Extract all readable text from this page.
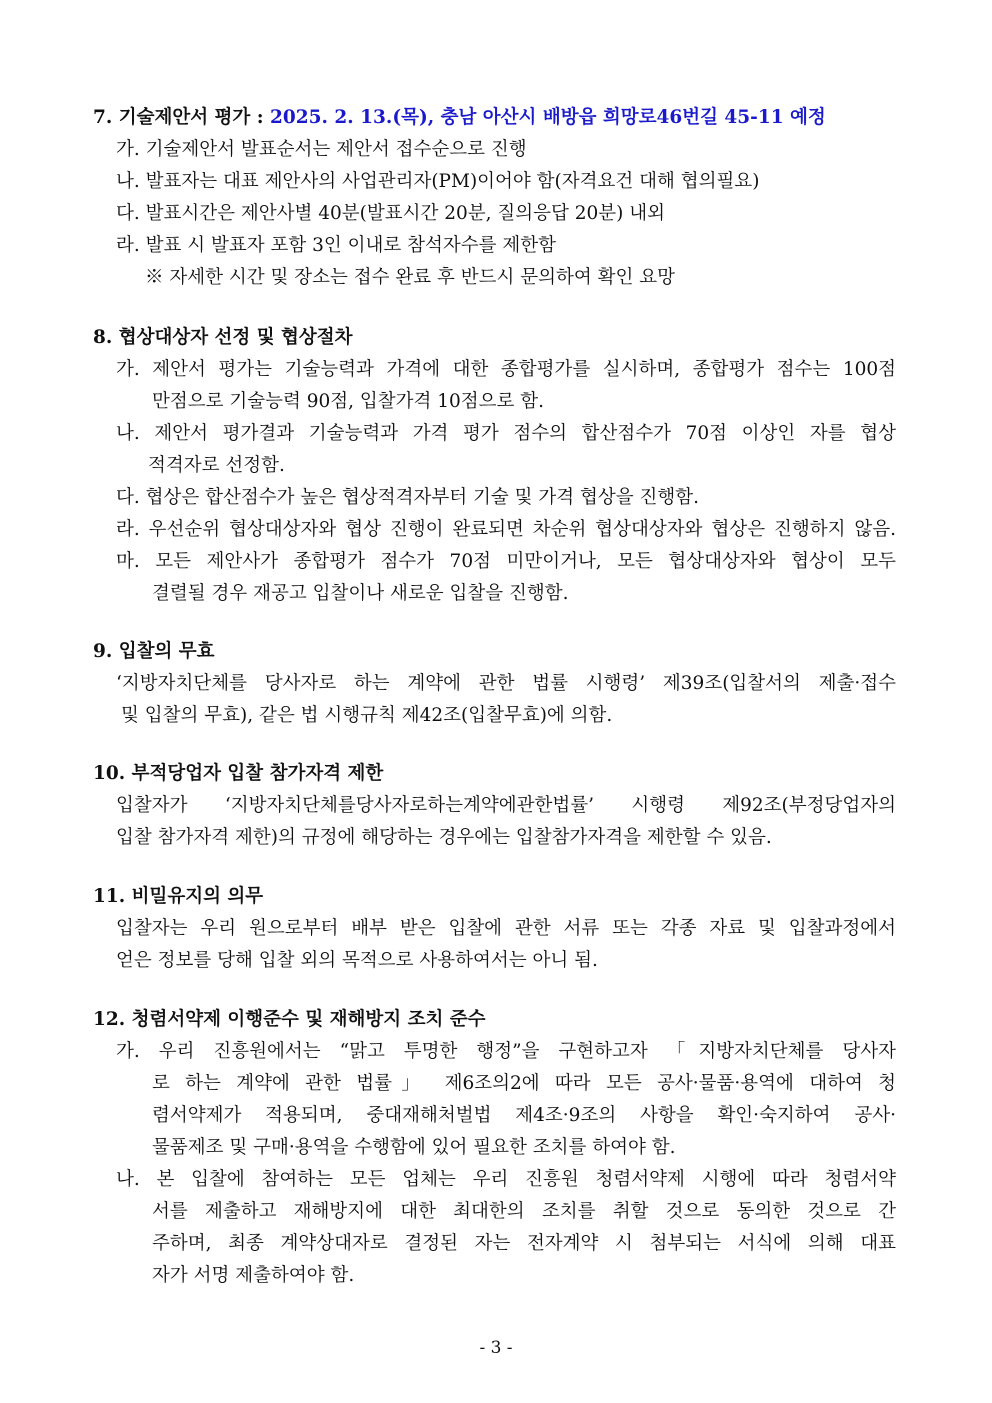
7. 기술제안서 평가 : 2025. 2. 13.(목), 충남 아산시 배방읍 희망로46번길 45-11 예정
가. 기술제안서 발표순서는 제안서 접수순으로 진행
나. 발표자는 대표 제안사의 사업관리자(PM)이어야 함(자격요건 대해 협의필요)
다. 발표시간은 제안사별 40분(발표시간 20분, 질의응답 20분) 내외
라. 발표 시 발표자 포함 3인 이내로 참석자수를 제한함
※ 자세한 시간 및 장소는 접수 완료 후 반드시 문의하여 확인 요망
8. 협상대상자 선정 및 협상절차
가. 제안서 평가는 기술능력과 가격에 대한 종합평가를 실시하며, 종합평가 점수는 100점
만점으로 기술능력 90점, 입찰가격 10점으로 함.
나. 제안서 평가결과 기술능력과 가격 평가 점수의 합산점수가 70점 이상인 자를 협상
적격자로 선정함.
다. 협상은 합산점수가 높은 협상적격자부터 기술 및 가격 협상을 진행함.
라. 우선순위 협상대상자와 협상 진행이 완료되면 차순위 협상대상자와 협상은 진행하지 않음.
마. 모든 제안사가 종합평가 점수가 70점 미만이거나, 모든 협상대상자와 협상이 모두
결렬될 경우 재공고 입찰이나 새로운 입찰을 진행함.
9. 입찰의 무효
‘지방자치단체를 당사자로 하는 계약에 관한 법률 시행령’ 제39조(입찰서의 제출·접수
및 입찰의 무효), 같은 법 시행규칙 제42조(입찰무효)에 의함.
10. 부적당업자 입찰 참가자격 제한
입찰자가 ‘지방자치단체를당사자로하는계약에관한법률’ 시행령 제92조(부정당업자의
입찰 참가자격 제한)의 규정에 해당하는 경우에는 입찰참가자격을 제한할 수 있음.
11. 비밀유지의 의무
입찰자는 우리 원으로부터 배부 받은 입찰에 관한 서류 또는 각종 자료 및 입찰과정에서
얻은 정보를 당해 입찰 외의 목적으로 사용하여서는 아니 됨.
12. 청렴서약제 이행준수 및 재해방지 조치 준수
가. 우리 진흥원에서는 “맑고 투명한 행정”을 구현하고자 「지방자치단체를 당사자
로 하는 계약에 관한 법률」 제6조의2에 따라 모든 공사·물품·용역에 대하여 청
렴서약제가 적용되며, 중대재해처벌법 제4조·9조의 사항을 확인·숙지하여 공사·
물품제조 및 구매·용역을 수행함에 있어 필요한 조치를 하여야 함.
나. 본 입찰에 참여하는 모든 업체는 우리 진흥원 청렴서약제 시행에 따라 청렴서약
서를 제출하고 재해방지에 대한 최대한의 조치를 취할 것으로 동의한 것으로 간
주하며, 최종 계약상대자로 결정된 자는 전자계약 시 첨부되는 서식에 의해 대표
자가 서명 제출하여야 함.
- 3 -
